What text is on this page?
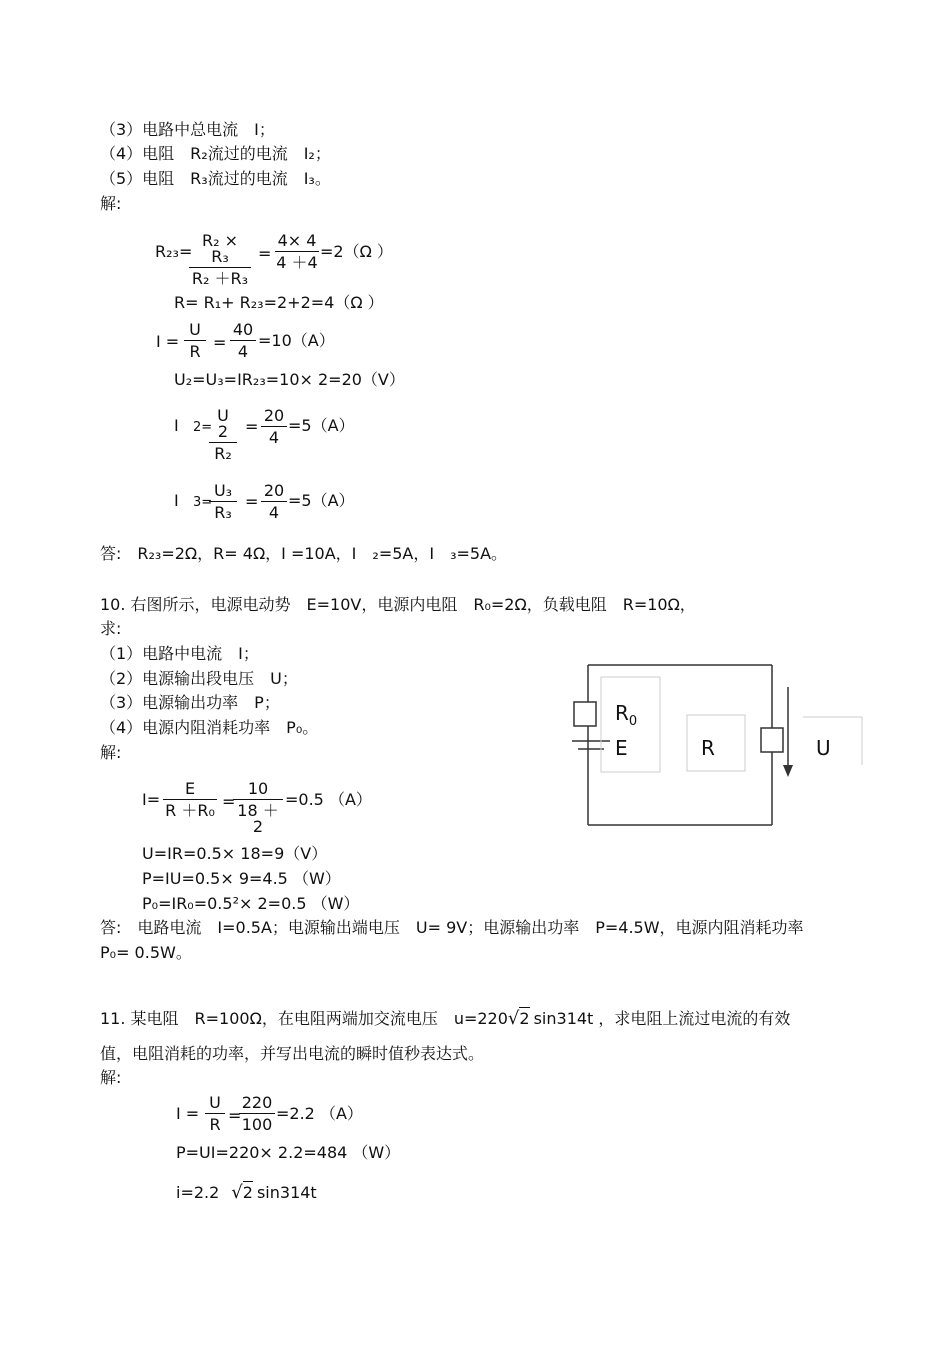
（3）电路中总电流　I；
（4）电阻　R₂流过的电流　I₂；
（5）电阻　R₃流过的电流　I₃。
解:
R₂₃=
R₂ × R₃
R₂ ＋R₃
=
4× 4
4 ＋4
=2（Ω ）
R= R₁+ R₂₃=2+2=4（Ω ）
I =
U
R =
40
4
=10（A）
U₂=U₃=IR₂₃=10× 2=20（V）
I 2=
U 2
R₂
=
20
4
=5（A）
I 3=
U₃
R₃
=
20
4
=5（A）
答:　R₂₃=2Ω，R= 4Ω，I =10A，I　₂=5A，I　₃=5A。
10. 右图所示，电源电动势　E=10V，电源内电阻　R₀=2Ω，负载电阻　R=10Ω，
求:
（1）电路中电流　I；
（2）电源输出段电压　U；
（3）电源输出功率　P；
（4）电源内阻消耗功率　P₀。
解:
$R_0$
E	R	U
I=
E
R ＋R₀ =
10
18 ＋2
=0.5 （A）
U=IR=0.5× 18=9（V）
P=IU=0.5× 9=4.5 （W）
P₀=IR₀=0.5²× 2=0.5 （W）
答:　电路电流　I=0.5A；电源输出端电压　U= 9V；电源输出功率　P=4.5W，电源内阻消耗功率
P₀= 0.5W。
11. 某电阻　R=100Ω，在电阻两端加交流电压　u=220√2 sin314t ，求电阻上流过电流的有效
值，电阻消耗的功率，并写出电流的瞬时值秒表达式。
解:
I =
U
R =
220
100
=2.2 （A）
P=UI=220× 2.2=484 （W）
i=2.2 √2 sin314t
